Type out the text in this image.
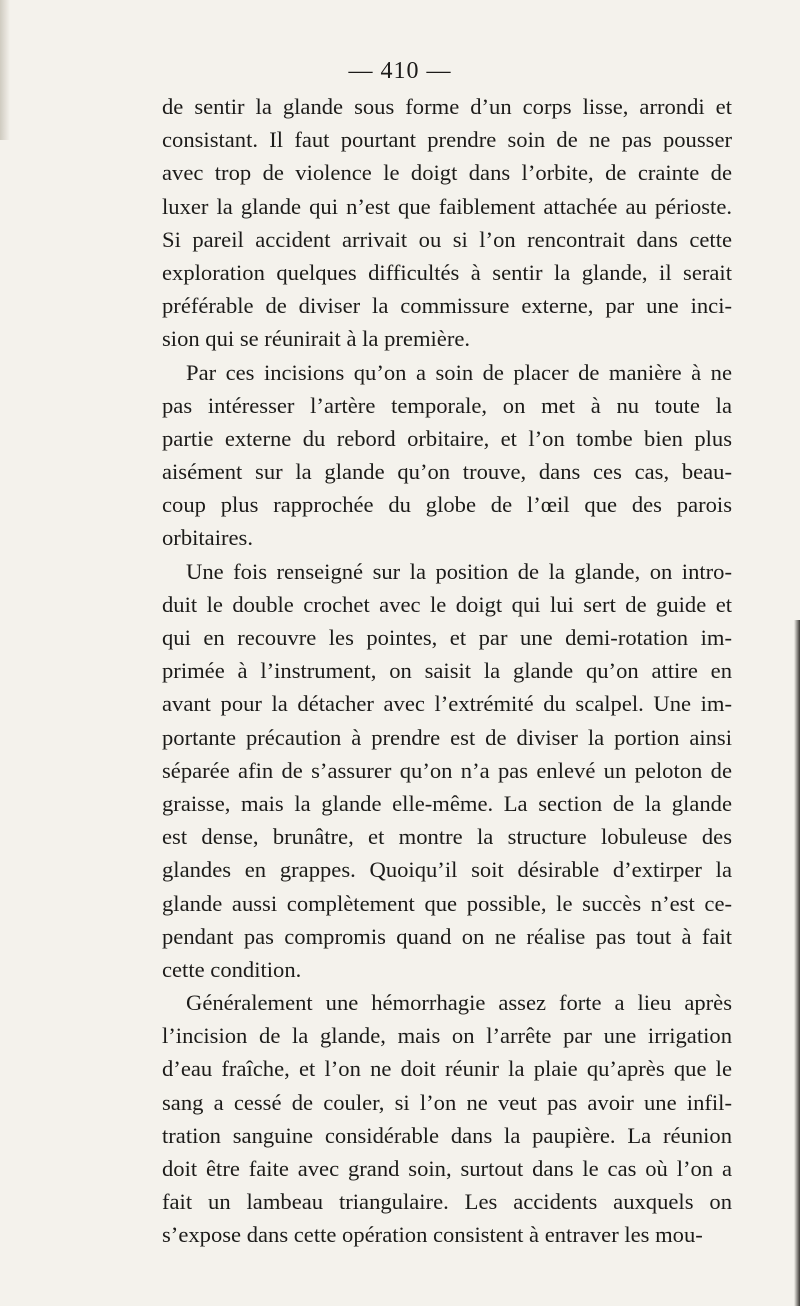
— 410 —
de sentir la glande sous forme d’un corps lisse, arrondi et
consistant. Il faut pourtant prendre soin de ne pas pousser
avec trop de violence le doigt dans l’orbite, de crainte de
luxer la glande qui n’est que faiblement attachée au périoste.
Si pareil accident arrivait ou si l’on rencontrait dans cette
exploration quelques difficultés à sentir la glande, il serait
préférable de diviser la commissure externe, par une inci-
sion qui se réunirait à la première.
Par ces incisions qu’on a soin de placer de manière à ne
pas intéresser l’artère temporale, on met à nu toute la
partie externe du rebord orbitaire, et l’on tombe bien plus
aisément sur la glande qu’on trouve, dans ces cas, beau-
coup plus rapprochée du globe de l’œil que des parois
orbitaires.
Une fois renseigné sur la position de la glande, on intro-
duit le double crochet avec le doigt qui lui sert de guide et
qui en recouvre les pointes, et par une demi-rotation im-
primée à l’instrument, on saisit la glande qu’on attire en
avant pour la détacher avec l’extrémité du scalpel. Une im-
portante précaution à prendre est de diviser la portion ainsi
séparée afin de s’assurer qu’on n’a pas enlevé un peloton de
graisse, mais la glande elle-même. La section de la glande
est dense, brunâtre, et montre la structure lobuleuse des
glandes en grappes. Quoiqu’il soit désirable d’extirper la
glande aussi complètement que possible, le succès n’est ce-
pendant pas compromis quand on ne réalise pas tout à fait
cette condition.
Généralement une hémorrhagie assez forte a lieu après
l’incision de la glande, mais on l’arrête par une irrigation
d’eau fraîche, et l’on ne doit réunir la plaie qu’après que le
sang a cessé de couler, si l’on ne veut pas avoir une infil-
tration sanguine considérable dans la paupière. La réunion
doit être faite avec grand soin, surtout dans le cas où l’on a
fait un lambeau triangulaire. Les accidents auxquels on
s’expose dans cette opération consistent à entraver les mou-
